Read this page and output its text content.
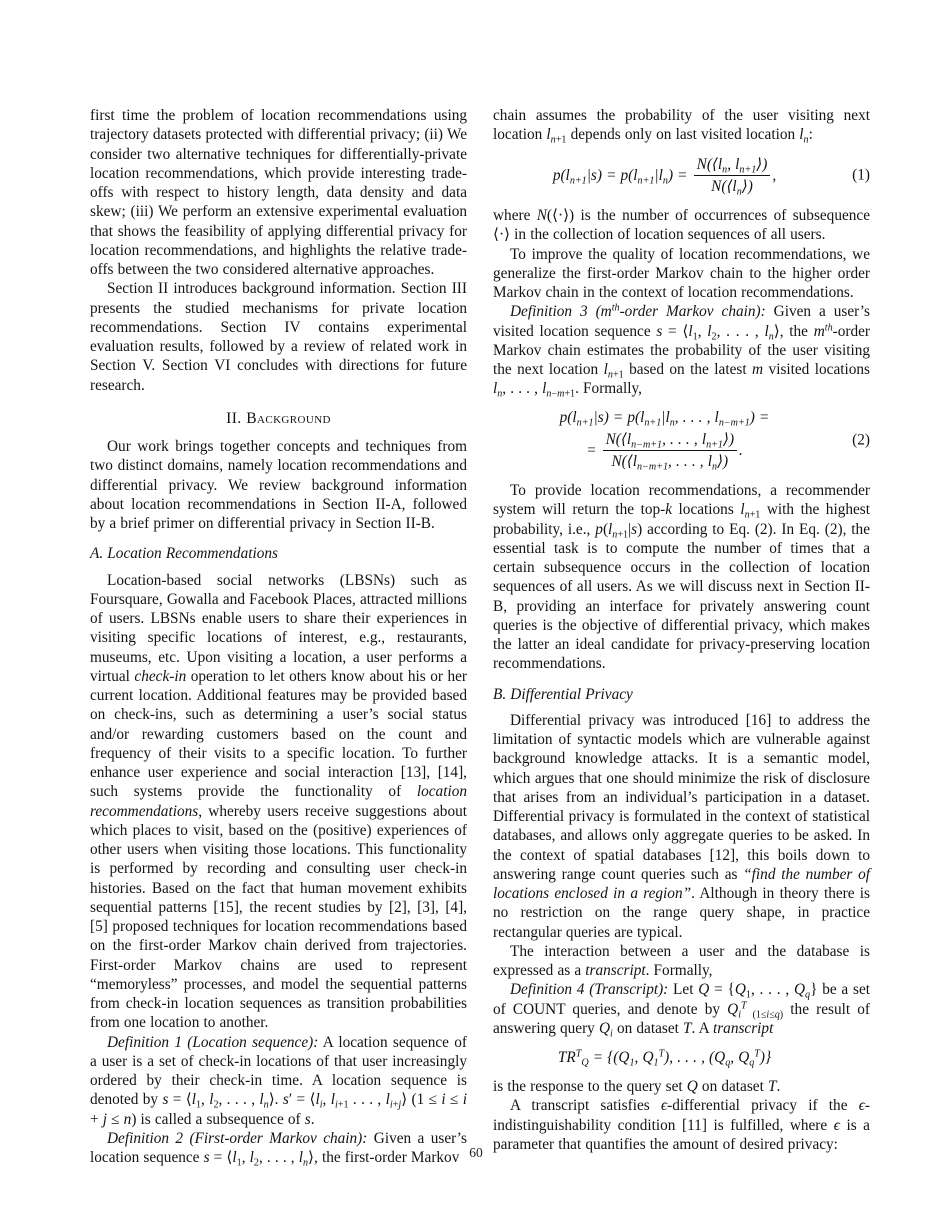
first time the problem of location recommendations using trajectory datasets protected with differential privacy; (ii) We consider two alternative techniques for differentially-private location recommendations, which provide interesting trade-offs with respect to history length, data density and data skew; (iii) We perform an extensive experimental evaluation that shows the feasibility of applying differential privacy for location recommendations, and highlights the relative trade-offs between the two considered alternative approaches.

Section II introduces background information. Section III presents the studied mechanisms for private location recommendations. Section IV contains experimental evaluation results, followed by a review of related work in Section V. Section VI concludes with directions for future research.

II. Background

Our work brings together concepts and techniques from two distinct domains, namely location recommendations and differential privacy. We review background information about location recommendations in Section II-A, followed by a brief primer on differential privacy in Section II-B.

A. Location Recommendations

Location-based social networks (LBSNs) such as Foursquare, Gowalla and Facebook Places, attracted millions of users. LBSNs enable users to share their experiences in visiting specific locations of interest, e.g., restaurants, museums, etc. Upon visiting a location, a user performs a virtual check-in operation to let others know about his or her current location. Additional features may be provided based on check-ins, such as determining a user’s social status and/or rewarding customers based on the count and frequency of their visits to a specific location. To further enhance user experience and social interaction [13], [14], such systems provide the functionality of location recommendations, whereby users receive suggestions about which places to visit, based on the (positive) experiences of other users when visiting those locations. This functionality is performed by recording and consulting user check-in histories. Based on the fact that human movement exhibits sequential patterns [15], the recent studies by [2], [3], [4], [5] proposed techniques for location recommendations based on the first-order Markov chain derived from trajectories. First-order Markov chains are used to represent “memoryless” processes, and model the sequential patterns from check-in location sequences as transition probabilities from one location to another.

Definition 1 (Location sequence): A location sequence of a user is a set of check-in locations of that user increasingly ordered by their check-in time. A location sequence is denoted by $s = ⟨l_1$, $l_2$, . . . , $l_n⟩$. $s' = ⟨l_i$, $l_{i+1}$ . . . , $l_{i+j}⟩$ (1 ≤ i ≤ i + j ≤ n) is called a subsequence of s.

Definition 2 (First-order Markov chain): Given a user’s location sequence $s = ⟨l_1$, $l_2$, . . . , $l_n⟩$, the first-order Markov

chain assumes the probability of the user visiting next location $l_{n+1}$ depends only on last visited location $l_n$:

$p(l_{n+1}|s) = p(l_{n+1}|l_n) = \frac{N(⟨l_n, l_{n+1}⟩)}{N(⟨l_n⟩)}$ ,	(1)

where N(⟨·⟩) is the number of occurrences of subsequence ⟨·⟩ in the collection of location sequences of all users.

To improve the quality of location recommendations, we generalize the first-order Markov chain to the higher order Markov chain in the context of location recommendations.

Definition 3 ($m^{th}$-order Markov chain): Given a user’s visited location sequence $s = ⟨l_1$, $l_2$, . . . , $l_n⟩$, the $m^{th}$-order Markov chain estimates the probability of the user visiting the next location $l_{n+1}$ based on the latest m visited locations $l_n$, . . . , $l_{n-m+1}$. Formally,

$p(l_{n+1}|s) = p(l_{n+1}|l_n$, . . . , $l_{n-m+1}$) =
= $\frac{N(⟨l_{n-m+1}, . . . , l_{n+1}⟩)}{N(⟨l_{n-m+1}, . . . , l_n⟩)}$ .
(2)

To provide location recommendations, a recommender system will return the top-k locations $l_{n+1}$ with the highest probability, i.e., $p(l_{n+1}|s)$ according to Eq. (2). In Eq. (2), the essential task is to compute the number of times that a certain subsequence occurs in the collection of location sequences of all users. As we will discuss next in Section II-B, providing an interface for privately answering count queries is the objective of differential privacy, which makes the latter an ideal candidate for privacy-preserving location recommendations.

B. Differential Privacy

Differential privacy was introduced [16] to address the limitation of syntactic models which are vulnerable against background knowledge attacks. It is a semantic model, which argues that one should minimize the risk of disclosure that arises from an individual’s participation in a dataset. Differential privacy is formulated in the context of statistical databases, and allows only aggregate queries to be asked. In the context of spatial databases [12], this boils down to answering range count queries such as “find the number of locations enclosed in a region”. Although in theory there is no restriction on the range query shape, in practice rectangular queries are typical.

The interaction between a user and the database is expressed as a transcript. Formally,

Definition 4 (Transcript): Let $Q = \{Q_1$, . . . , $Q_q$} be a set of COUNT queries, and denote by $Q_i^T$ $_{(1\le i\le q)}$ the result of answering query $Q_i$ on dataset T. A transcript

$TR^T_Q = \{(Q_1$, $Q_1^T$), . . . , ($Q_q$, $Q_q^T$)}

is the response to the query set Q on dataset T.

A transcript satisfies ϵ-differential privacy if the ϵ-indistinguishability condition [11] is fulfilled, where ϵ is a parameter that quantifies the amount of desired privacy:

60
